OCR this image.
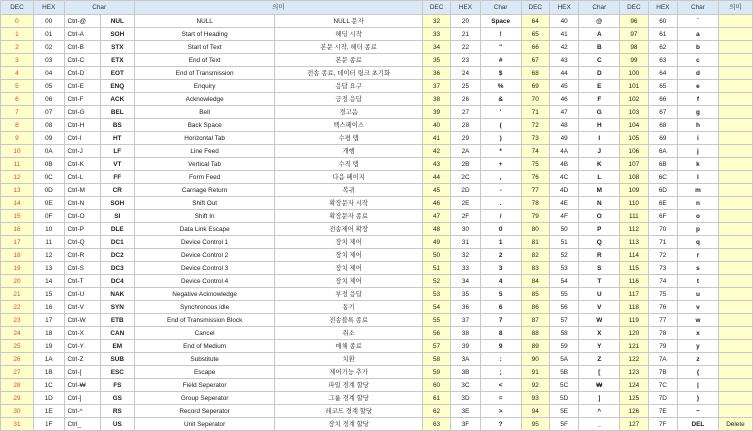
DEC	HEX	Char		의미		DEC	HEX	Char	DEC	HEX	Char	DEC	HEX	Char	의미
0	00	Ctrl-@	NUL	NULL	NULL 문자	32	20	Space	64	40	@	96	60	`	
1	01	Ctrl-A	SOH	Start of Heading	헤딩 시작	33	21	!	65	41	A	97	61	a	
2	02	Ctrl-B	STX	Start of Text	본문 시작, 헤더 종료	34	22	"	66	42	B	98	62	b	
3	03	Ctrl-C	ETX	End of Text	본문 종료	35	23	#	67	43	C	99	63	c	
4	04	Ctrl-D	EOT	End of Transmission	전송 종료, 데이터 링크 초기화	36	24	$	68	44	D	100	64	d	
5	05	Ctrl-E	ENQ	Enquiry	응답 요구	37	25	%	69	45	E	101	65	e	
6	06	Ctrl-F	ACK	Acknowledge	긍정 응답	38	26	&	70	46	F	102	66	f	
7	07	Ctrl-G	BEL	Bell	경고음	39	27	'	71	47	G	103	67	g	
8	08	Ctrl-H	BS	Back Space	백스페이스	40	28	(	72	48	H	104	68	h	
9	09	Ctrl-I	HT	Horizontal Tab	수평 탭	41	29	)	73	49	I	105	69	i	
10	0A	Ctrl-J	LF	Line Feed	개행	42	2A	*	74	4A	J	106	6A	j	
11	0B	Ctrl-K	VT	Vertical Tab	수직 탭	43	2B	+	75	4B	K	107	6B	k	
12	0C	Ctrl-L	FF	Form Feed	다음 페이지	44	2C	,	76	4C	L	108	6C	l	
13	0D	Ctrl-M	CR	Carriage Return	복귀	45	2D	-	77	4D	M	109	6D	m	
14	0E	Ctrl-N	SOH	Shift Out	확장문자 시작	46	2E	.	78	4E	N	110	6E	n	
15	0F	Ctrl-O	SI	Shift In	확장문자 종료	47	2F	/	79	4F	O	111	6F	o	
16	10	Ctrl-P	DLE	Data Link Escape	전송제어 확장	48	30	0	80	50	P	112	70	p	
17	11	Ctrl-Q	DC1	Device Control 1	장치 제어	49	31	1	81	51	Q	113	71	q	
18	12	Ctrl-R	DC2	Device Control 2	장치 제어	50	32	2	82	52	R	114	72	r	
19	13	Ctrl-S	DC3	Device Control 3	장치 제어	51	33	3	83	53	S	115	73	s	
20	14	Ctrl-T	DC4	Device Control 4	장치 제어	52	34	4	84	54	T	116	74	t	
21	15	Ctrl-U	NAK	Negative Acknowledge	부정 응답	53	35	5	85	55	U	117	75	u	
22	16	Ctrl-V	SYN	Synchronous idle	동기	54	36	6	86	56	V	118	76	v	
23	17	Ctrl-W	ETB	End of Transmission Block	전송블록 종료	55	37	7	87	57	W	119	77	w	
24	18	Ctrl-X	CAN	Cancel	취소	56	38	8	88	58	X	120	78	x	
25	19	Ctrl-Y	EM	End of Medium	매체 종료	57	39	9	89	59	Y	121	79	y	
26	1A	Ctrl-Z	SUB	Substitute	치환	58	3A	:	90	5A	Z	122	7A	z	
27	1B	Ctrl-[	ESC	Escape	제어기능 추가	59	3B	;	91	5B	[	123	7B	{	
28	1C	Ctrl-₩	FS	Field Seperator	파일 경계 할당	60	3C	<	92	5C	₩	124	7C	|	
29	1D	Ctrl-]	GS	Group Seperator	그룹 경계 할당	61	3D	=	93	5D	]	125	7D	}	
30	1E	Ctrl-^	RS	Record Seperator	레코드 경계 할당	62	3E	>	94	5E	^	126	7E	~	
31	1F	Ctrl_	US	Unit Seperator	장치 경계 할당	63	3F	?	95	5F	_	127	7F	DEL	Delete
